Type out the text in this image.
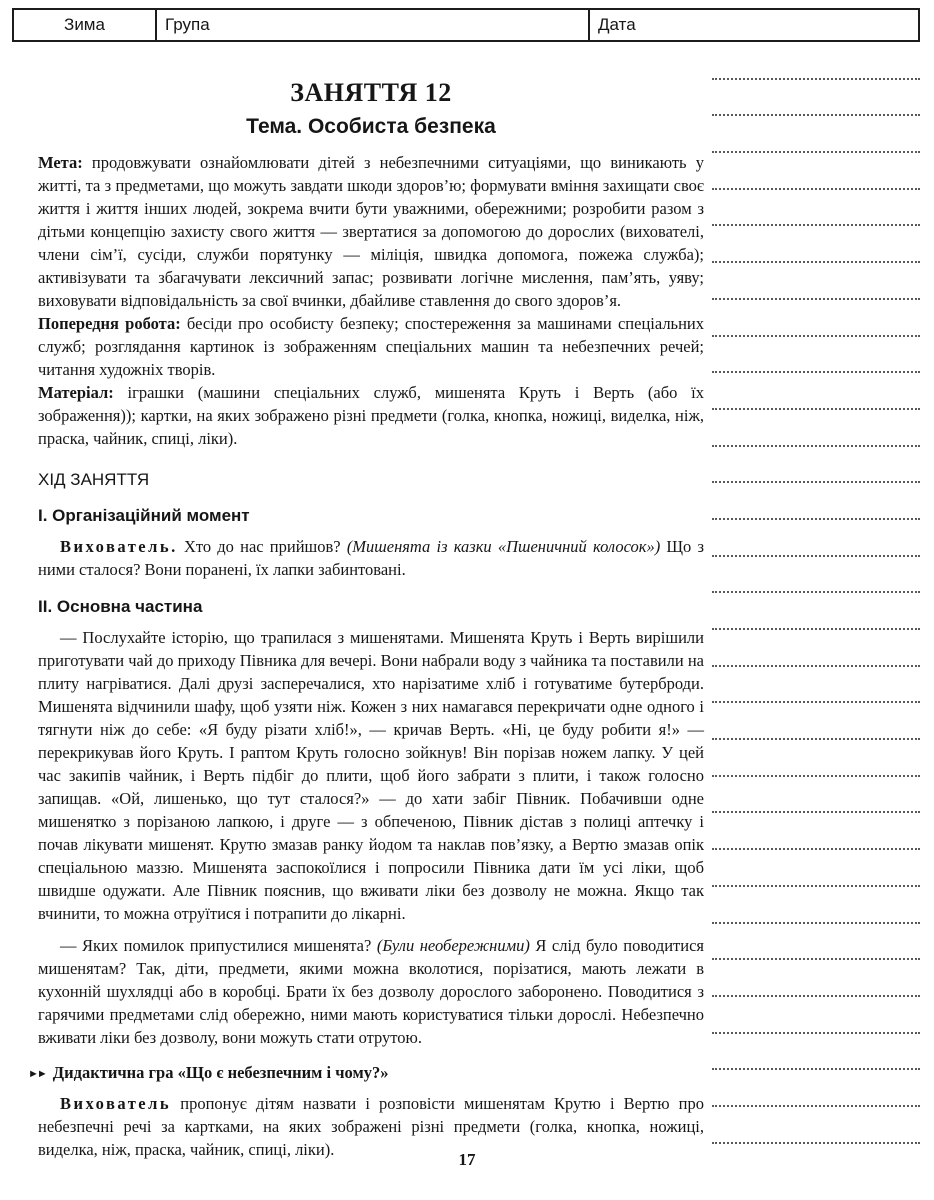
Зима	Група	Дата
ЗАНЯТТЯ 12
Тема. Особиста безпека

Мета: продовжувати ознайомлювати дітей з небезпечними ситуаціями, що виникають у житті, та з предметами, що можуть завдати шкоди здоров’ю; формувати вміння захищати своє життя і життя інших людей, зокрема вчити бути уважними, обережними; розробити разом з дітьми концепцію захисту свого життя — звертатися за допомогою до дорослих (вихователі, члени сім’ї, сусіди, служби порятунку — міліція, швидка допомога, пожежа служба); активізувати та збагачувати лексичний запас; розвивати логічне мислення, пам’ять, уяву; виховувати відповідальність за свої вчинки, дбайливе ставлення до свого здоров’я.

Попередня робота: бесіди про особисту безпеку; спостереження за машинами спеціальних служб; розглядання картинок із зображенням спеціальних машин та небезпечних речей; читання художніх творів.

Матеріал: іграшки (машини спеціальних служб, мишенята Круть і Верть (або їх зображення)); картки, на яких зображено різні предмети (голка, кнопка, ножиці, виделка, ніж, праска, чайник, спиці, ліки).

ХІД ЗАНЯТТЯ
І. Організаційний момент

Вихователь. Хто до нас прийшов? (Мишенята із казки «Пшеничний колосок») Що з ними сталося? Вони поранені, їх лапки забинтовані.

ІІ. Основна частина

— Послухайте історію, що трапилася з мишенятами. Мишенята Круть і Верть вирішили приготувати чай до приходу Півника для вечері. Вони набрали воду з чайника та поставили на плиту нагріватися. Далі друзі засперечалися, хто нарізатиме хліб і готуватиме бутерброди. Мишенята відчинили шафу, щоб узяти ніж. Кожен з них намагався перекричати одне одного і тягнути ніж до себе: «Я буду різати хліб!», — кричав Верть. «Ні, це буду робити я!» — перекрикував його Круть. І раптом Круть голосно зойкнув! Він порізав ножем лапку. У цей час закипів чайник, і Верть підбіг до плити, щоб його забрати з плити, і також голосно запищав. «Ой, лишенько, що тут сталося?» — до хати забіг Півник. Побачивши одне мишенятко з порізаною лапкою, і друге — з обпеченою, Півник дістав з полиці аптечку і почав лікувати мишенят. Крутю змазав ранку йодом та наклав пов’язку, а Вертю змазав опік спеціальною маззю. Мишенята заспокоїлися і попросили Півника дати їм усі ліки, щоб швидше одужати. Але Півник пояснив, що вживати ліки без дозволу не можна. Якщо так вчинити, то можна отруїтися і потрапити до лікарні.

— Яких помилок припустилися мишенята? (Були необережними) Я слід було поводитися мишенятам? Так, діти, предмети, якими можна вколотися, порізатися, мають лежати в кухонній шухлядці або в коробці. Брати їх без дозволу дорослого заборонено. Поводитися з гарячими предметами слід обережно, ними мають користуватися тільки дорослі. Небезпечно вживати ліки без дозволу, вони можуть стати отрутою.

►► Дидактична гра «Що є небезпечним і чому?»

Вихователь пропонує дітям назвати і розповісти мишенятам Крутю і Вертю про небезпечні речі за картками, на яких зображені різні предмети (голка, кнопка, ножиці, виделка, ніж, праска, чайник, спиці, ліки).

17
